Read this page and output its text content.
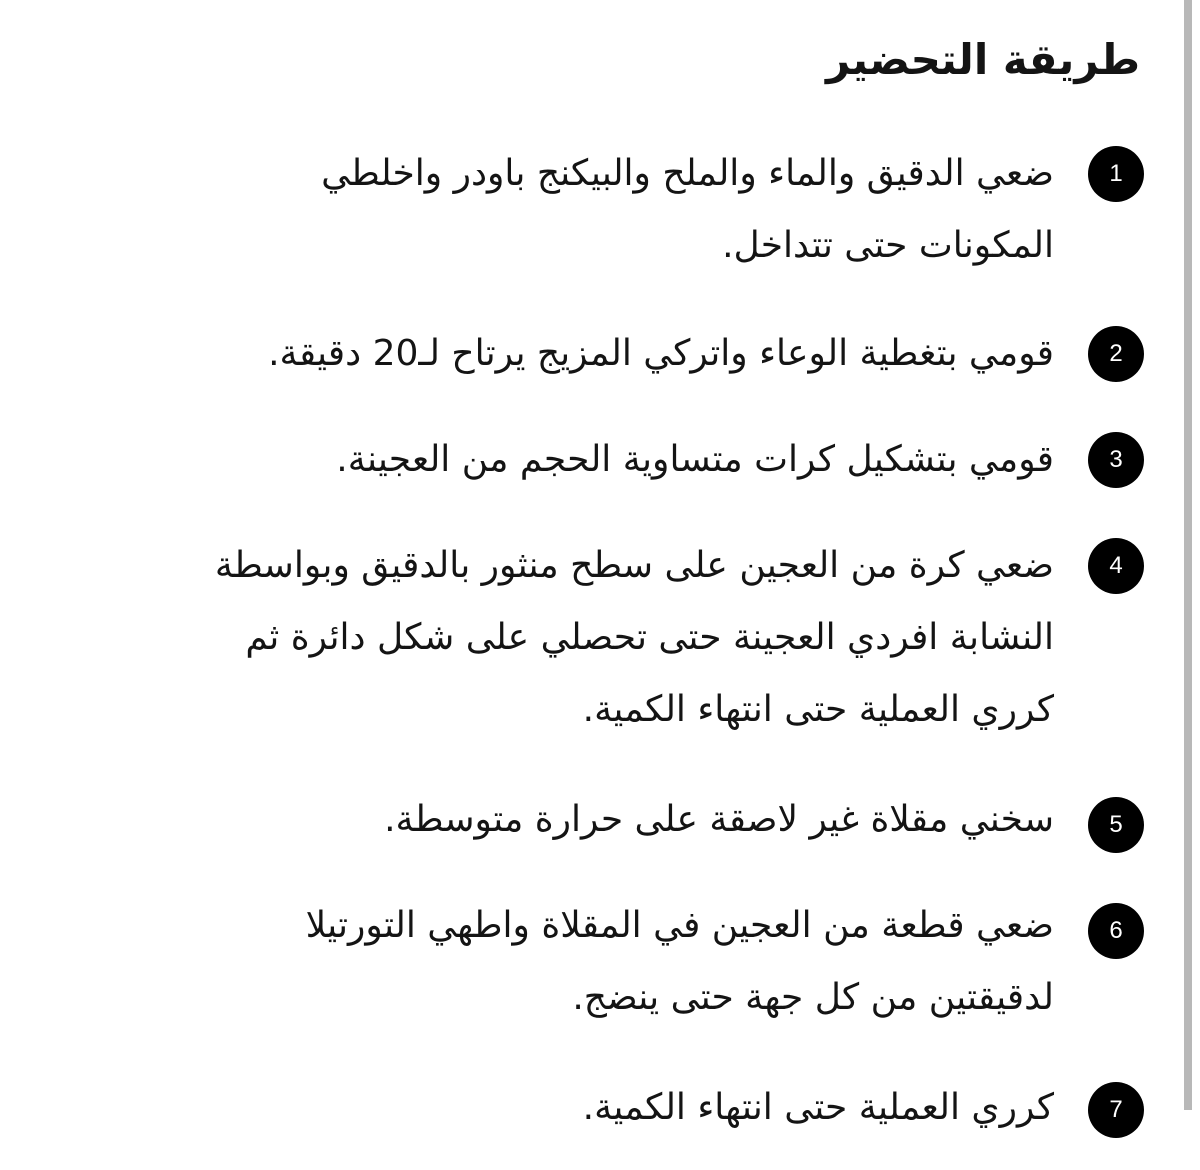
طريقة التحضير
1

ضعي الدقيق والماء والملح والبيكنج باودر واخلطي
المكونات حتى تتداخل.

2

قومي بتغطية الوعاء واتركي المزيج يرتاح لـ20 دقيقة.

3

قومي بتشكيل كرات متساوية الحجم من العجينة.

4

ضعي كرة من العجين على سطح منثور بالدقيق وبواسطة
النشابة افردي العجينة حتى تحصلي على شكل دائرة ثم
كرري العملية حتى انتهاء الكمية.

5

سخني مقلاة غير لاصقة على حرارة متوسطة.

6

ضعي قطعة من العجين في المقلاة واطهي التورتيلا
لدقيقتين من كل جهة حتى ينضج.

7

كرري العملية حتى انتهاء الكمية.
